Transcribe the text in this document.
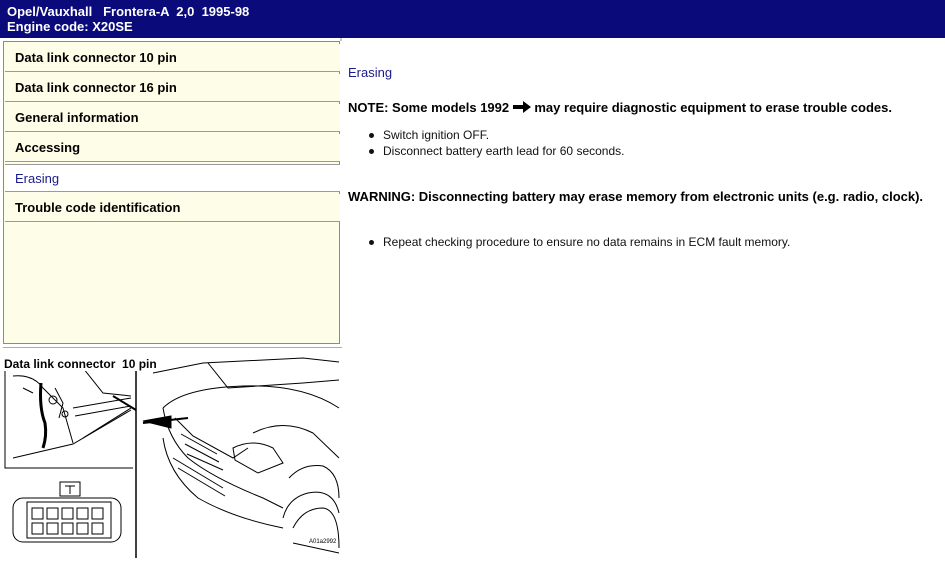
Opel/Vauxhall   Frontera-A  2,0  1995-98
Engine code: X20SE
Data link connector 10 pin
Data link connector 16 pin
General information
Accessing
Erasing
Trouble code identification
Data link connector  10 pin
A01a2992
Erasing
NOTE: Some models 1992 may require diagnostic equipment to erase trouble codes.
Switch ignition OFF.
Disconnect battery earth lead for 60 seconds.
WARNING: Disconnecting battery may erase memory from electronic units (e.g. radio, clock).
Repeat checking procedure to ensure no data remains in ECM fault memory.
